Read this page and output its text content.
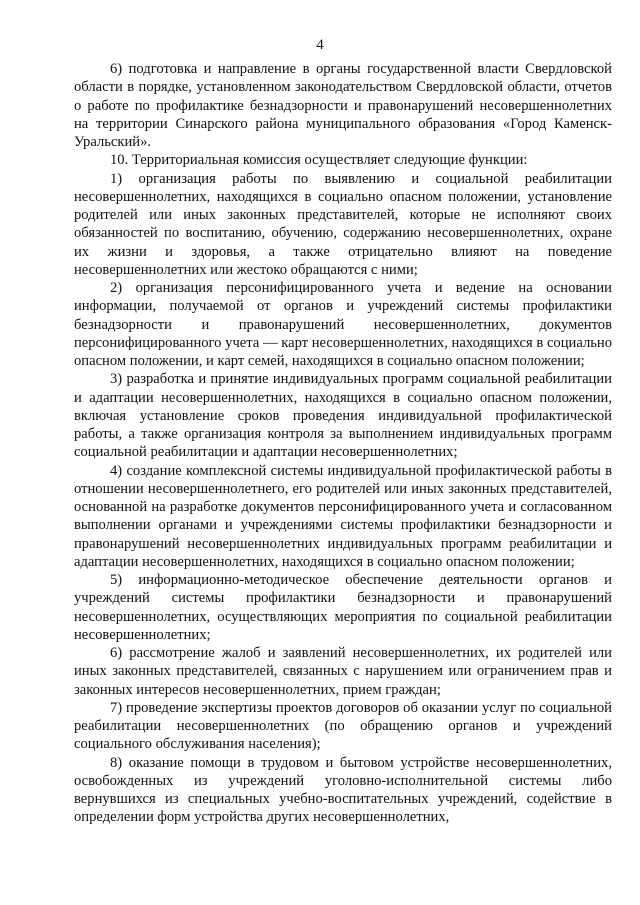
4

6) подготовка и направление в органы государственной власти Свердловской области в порядке, установленном законодательством Свердловской области, отчетов о работе по профилактике безнадзорности и правонарушений несовершеннолетних на территории Синарского района муниципального образования «Город Каменск-Уральский».

10. Территориальная комиссия осуществляет следующие функции:

1) организация работы по выявлению и социальной реабилитации несовершеннолетних, находящихся в социально опасном положении, установление родителей или иных законных представителей, которые не исполняют своих обязанностей по воспитанию, обучению, содержанию несовершеннолетних, охране их жизни и здоровья, а также отрицательно влияют на поведение несовершеннолетних или жестоко обращаются с ними;

2) организация персонифицированного учета и ведение на основании информации, получаемой от органов и учреждений системы профилактики безнадзорности и правонарушений несовершеннолетних, документов персонифицированного учета — карт несовершеннолетних, находящихся в социально опасном положении, и карт семей, находящихся в социально опасном положении;

3) разработка и принятие индивидуальных программ социальной реабилитации и адаптации несовершеннолетних, находящихся в социально опасном положении, включая установление сроков проведения индивидуальной профилактической работы, а также организация контроля за выполнением индивидуальных программ социальной реабилитации и адаптации несовершеннолетних;

4) создание комплексной системы индивидуальной профилактической работы в отношении несовершеннолетнего, его родителей или иных законных представителей, основанной на разработке документов персонифицированного учета и согласованном выполнении органами и учреждениями системы профилактики безнадзорности и правонарушений несовершеннолетних индивидуальных программ реабилитации и адаптации несовершеннолетних, находящихся в социально опасном положении;

5) информационно-методическое обеспечение деятельности органов и учреждений системы профилактики безнадзорности и правонарушений несовершеннолетних, осуществляющих мероприятия по социальной реабилитации несовершеннолетних;

6) рассмотрение жалоб и заявлений несовершеннолетних, их родителей или иных законных представителей, связанных с нарушением или ограничением прав и законных интересов несовершеннолетних, прием граждан;

7) проведение экспертизы проектов договоров об оказании услуг по социальной реабилитации несовершеннолетних (по обращению органов и учреждений социального обслуживания населения);

8) оказание помощи в трудовом и бытовом устройстве несовершеннолетних, освобожденных из учреждений уголовно-исполнительной системы либо вернувшихся из специальных учебно-воспитательных учреждений, содействие в определении форм устройства других несовершеннолетних,
